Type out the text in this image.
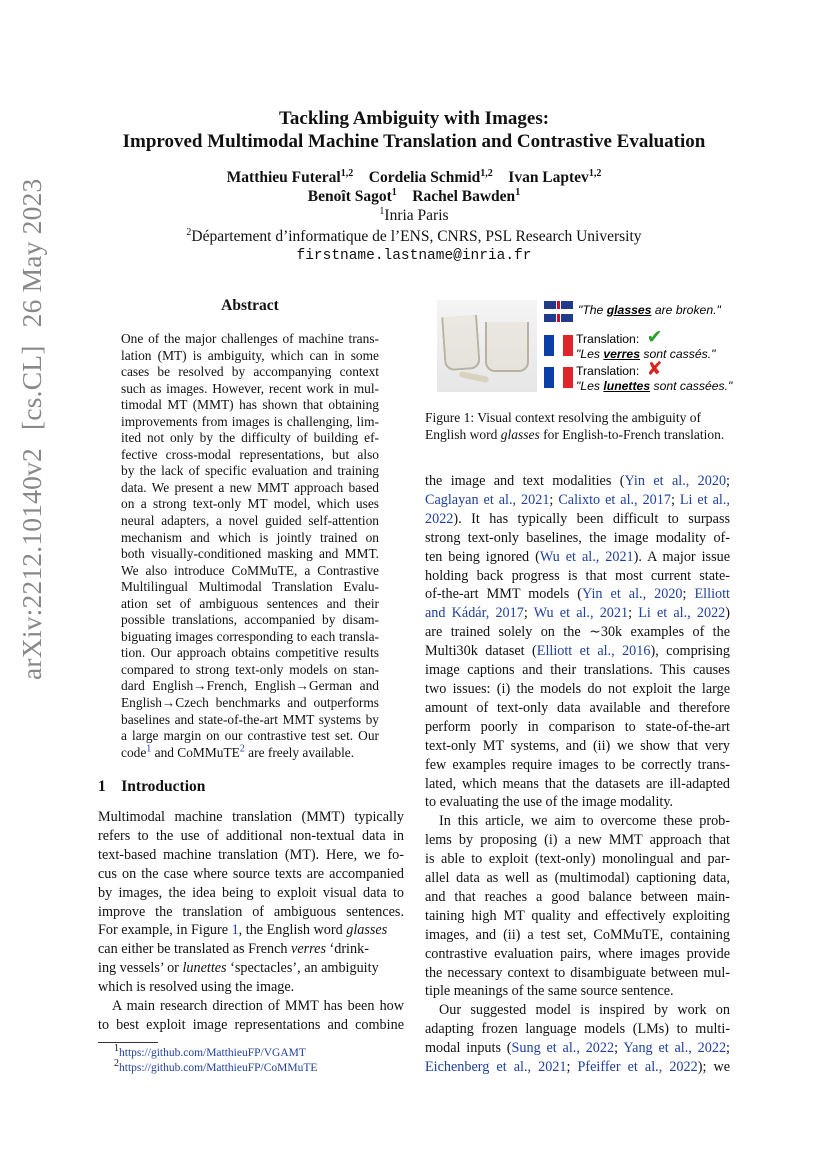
Tackling Ambiguity with Images:
Improved Multimodal Machine Translation and Contrastive Evaluation
Matthieu Futeral$^{1,2}$ Cordelia Schmid$^{1,2}$ Ivan Laptev$^{1,2}$
Benoît Sagot$^1$ Rachel Bawden$^1$
$^1$Inria Paris
$^2$Département d’informatique de l’ENS, CNRS, PSL Research University
firstname.lastname@inria.fr
arXiv:2212.10140v2[cs.CL]26 May 2023	Abstract
One of the major challenges of machine trans-
lation (MT) is ambiguity, which can in some
cases be resolved by accompanying context
such as images. However, recent work in mul-
timodal MT (MMT) has shown that obtaining
improvements from images is challenging, lim-
ited not only by the difficulty of building ef-
fective cross-modal representations, but also
by the lack of specific evaluation and training
data. We present a new MMT approach based
on a strong text-only MT model, which uses
neural adapters, a novel guided self-attention
mechanism and which is jointly trained on
both visually-conditioned masking and MMT.
We also introduce CoMMuTE, a Contrastive
Multilingual Multimodal Translation Evalu-
ation set of ambiguous sentences and their
possible translations, accompanied by disam-
biguating images corresponding to each transla-
tion. Our approach obtains competitive results
compared to strong text-only models on stan-
dard English→French, English→German and
English→Czech benchmarks and outperforms
baselines and state-of-the-art MMT systems by
a large margin on our contrastive test set. Our
code$^1$ and CoMMuTE$^2$ are freely available.
1 Introduction
Multimodal machine translation (MMT) typically
refers to the use of additional non-textual data in
text-based machine translation (MT). Here, we fo-
cus on the case where source texts are accompanied
by images, the idea being to exploit visual data to
improve the translation of ambiguous sentences.
For example, in Figure 1, the English word glasses
can either be translated as French verres ‘drink-
ing vessels’ or lunettes ‘spectacles’, an ambiguity
which is resolved using the image.
A main research direction of MMT has been how
to best exploit image representations and combine
$^1$https://github.com/MatthieuFP/VGAMT
$^2$https://github.com/MatthieuFP/CoMMuTE
"The glasses are broken."
Translation: ✔
"Les verres sont cassés."
Translation: ✘
"Les lunettes sont cassées."
Figure 1: Visual context resolving the ambiguity of
English word glasses for English-to-French translation.
the image and text modalities (Yin et al., 2020;
Caglayan et al., 2021; Calixto et al., 2017; Li et al.,
2022). It has typically been difficult to surpass
strong text-only baselines, the image modality of-
ten being ignored (Wu et al., 2021). A major issue
holding back progress is that most current state-
of-the-art MMT models (Yin et al., 2020; Elliott
and Kádár, 2017; Wu et al., 2021; Li et al., 2022)
are trained solely on the ∼30k examples of the
Multi30k dataset (Elliott et al., 2016), comprising
image captions and their translations. This causes
two issues: (i) the models do not exploit the large
amount of text-only data available and therefore
perform poorly in comparison to state-of-the-art
text-only MT systems, and (ii) we show that very
few examples require images to be correctly trans-
lated, which means that the datasets are ill-adapted
to evaluating the use of the image modality.
In this article, we aim to overcome these prob-
lems by proposing (i) a new MMT approach that
is able to exploit (text-only) monolingual and par-
allel data as well as (multimodal) captioning data,
and that reaches a good balance between main-
taining high MT quality and effectively exploiting
images, and (ii) a test set, CoMMuTE, containing
contrastive evaluation pairs, where images provide
the necessary context to disambiguate between mul-
tiple meanings of the same source sentence.
Our suggested model is inspired by work on
adapting frozen language models (LMs) to multi-
modal inputs (Sung et al., 2022; Yang et al., 2022;
Eichenberg et al., 2021; Pfeiffer et al., 2022); we
